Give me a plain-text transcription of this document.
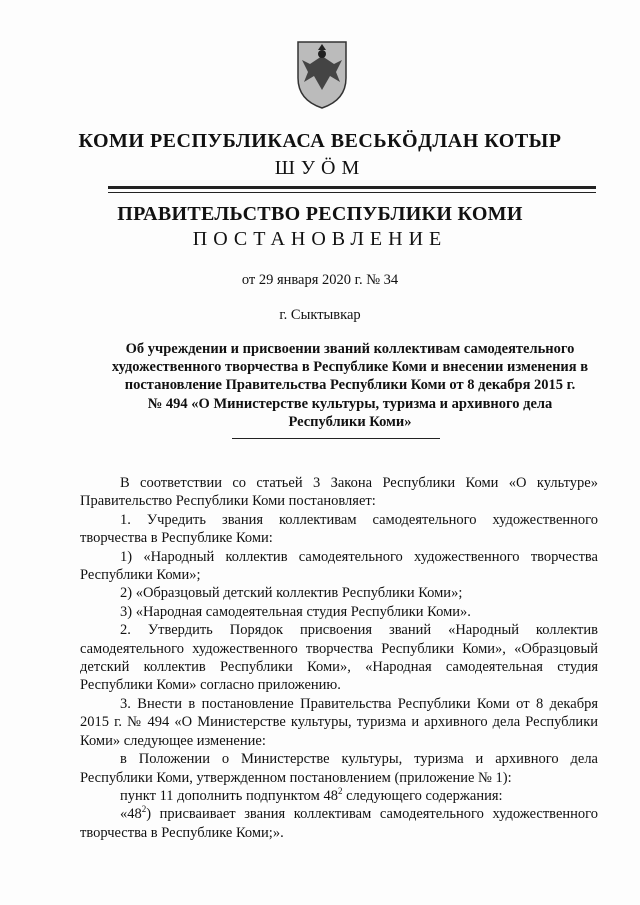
КОМИ РЕСПУБЛИКАСА ВЕСЬКӦДЛАН КОТЫР
ШУӦМ
ПРАВИТЕЛЬСТВО РЕСПУБЛИКИ КОМИ
ПОСТАНОВЛЕНИЕ
от 29 января 2020 г. № 34
г. Сыктывкар
Об учреждении и присвоении званий коллективам самодеятельного
художественного творчества в Республике Коми и внесении изменения в
постановление Правительства Республики Коми от 8 декабря 2015 г.
№ 494 «О Министерстве культуры, туризма и архивного дела
Республики Коми»

В соответствии со статьей 3 Закона Республики Коми «О культуре» Правительство Республики Коми постановляет:

1. Учредить звания коллективам самодеятельного художественного творчества в Республике Коми:

1) «Народный коллектив самодеятельного художественного творчества Республики Коми»;

2) «Образцовый детский коллектив Республики Коми»;

3) «Народная самодеятельная студия Республики Коми».

2. Утвердить Порядок присвоения званий «Народный коллектив самодеятельного художественного творчества Республики Коми», «Образцовый детский коллектив Республики Коми», «Народная самодеятельная студия Республики Коми» согласно приложению.

3. Внести в постановление Правительства Республики Коми от 8 декабря 2015 г. № 494 «О Министерстве культуры, туризма и архивного дела Республики Коми» следующее изменение:

в Положении о Министерстве культуры, туризма и архивного дела Республики Коми, утвержденном постановлением (приложение № 1):

пункт 11 дополнить подпунктом $48^2$ следующего содержания:

«$48^2$) присваивает звания коллективам самодеятельного художественного творчества в Республике Коми;».
